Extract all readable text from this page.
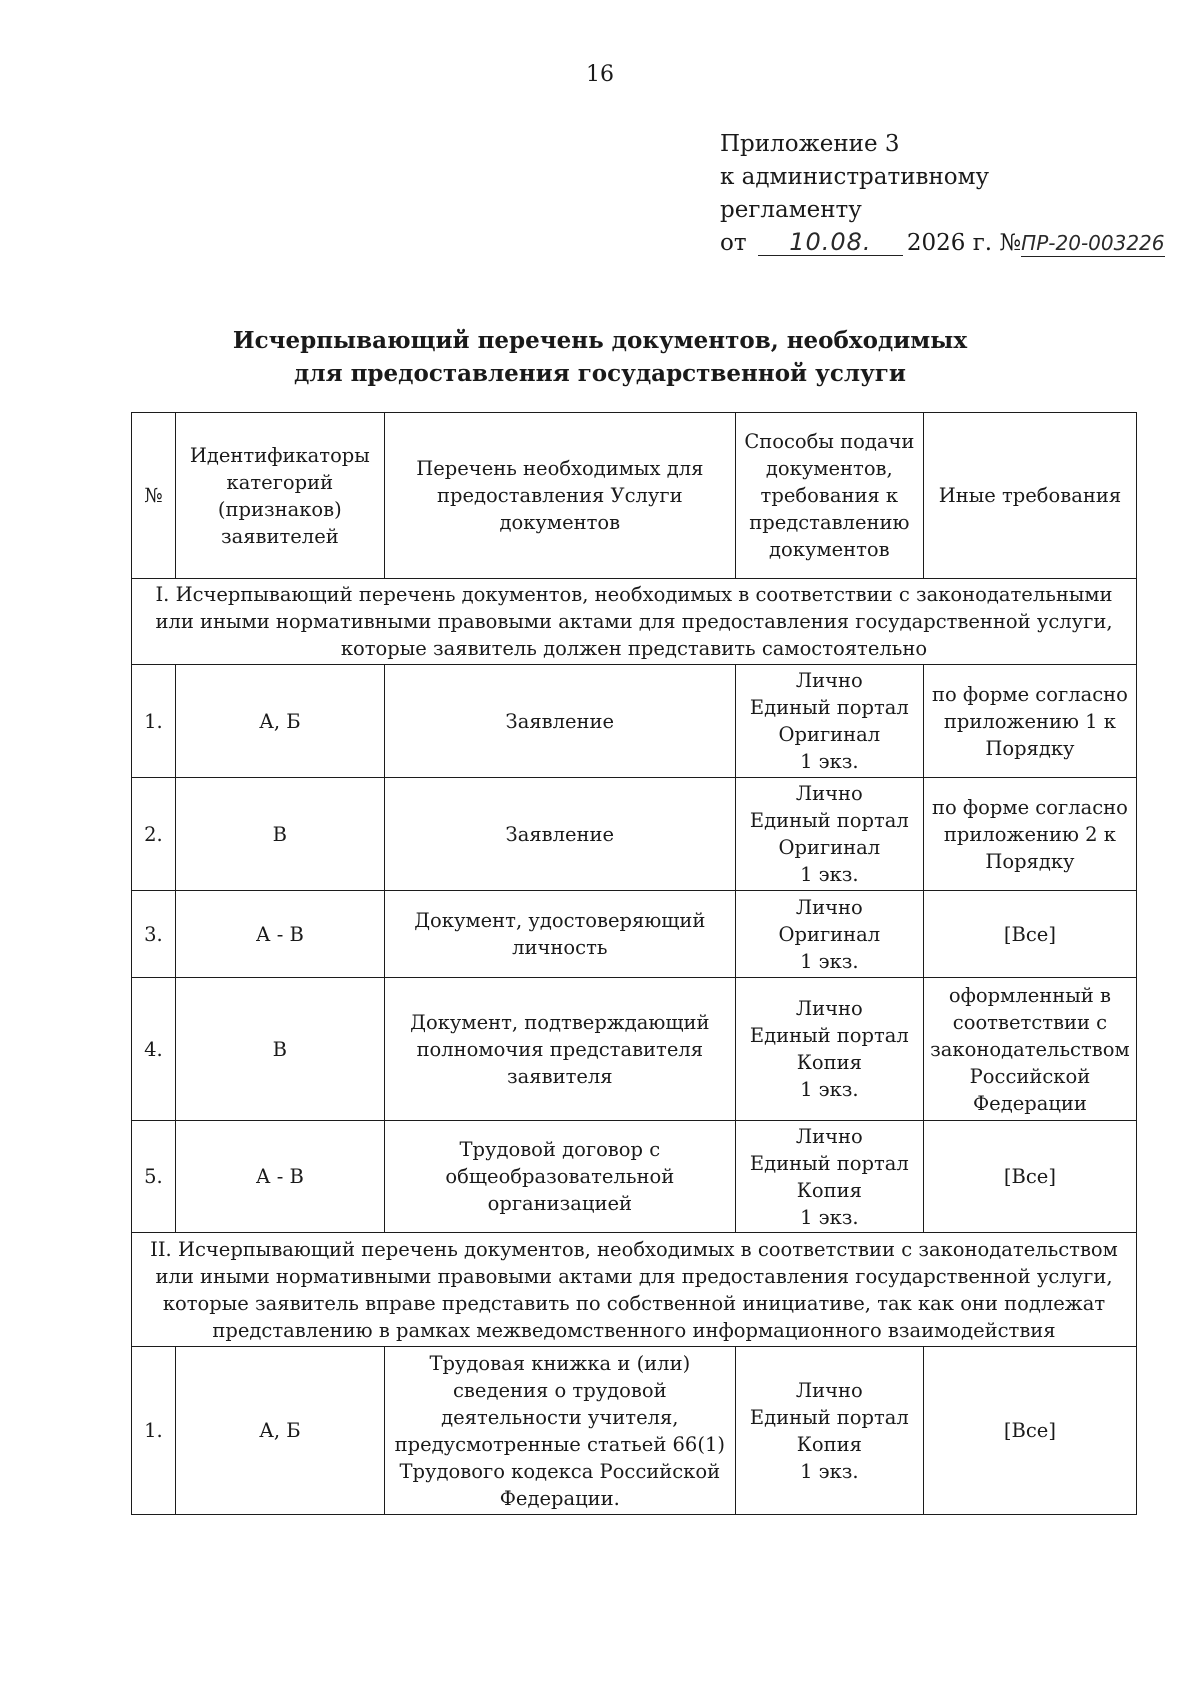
16
Приложение 3
к административному
регламенту
от 10.08. 2026 г. №ПР-20-003226
Исчерпывающий перечень документов, необходимых
для предоставления государственной услуги
№	Идентификаторы категорий (признаков) заявителей	Перечень необходимых для предоставления Услуги документов	Способы подачи документов, требования к представлению документов	Иные требования
I. Исчерпывающий перечень документов, необходимых в соответствии с законодательными или иными нормативными правовыми актами для предоставления государственной услуги, которые заявитель должен представить самостоятельно				
1.	А, Б	Заявление	Лично
Единый портал
Оригинал
1 экз.	по форме согласно приложению 1 к Порядку
2.	В	Заявление	Лично
Единый портал
Оригинал
1 экз.	по форме согласно приложению 2 к Порядку
3.	А - В	Документ, удостоверяющий личность	Лично
Оригинал
1 экз.	[Все]
4.	В	Документ, подтверждающий полномочия представителя заявителя	Лично
Единый портал
Копия
1 экз.	оформленный в соответствии с законодательством Российской Федерации
5.	А - В	Трудовой договор с общеобразовательной организацией	Лично
Единый портал
Копия
1 экз.	[Все]
II. Исчерпывающий перечень документов, необходимых в соответствии с законодательством или иными нормативными правовыми актами для предоставления государственной услуги, которые заявитель вправе представить по собственной инициативе, так как они подлежат представлению в рамках межведомственного информационного взаимодействия				
1.	А, Б	Трудовая книжка и (или) сведения о трудовой деятельности учителя, предусмотренные статьей 66(1) Трудового кодекса Российской Федерации.	Лично
Единый портал
Копия
1 экз.	[Все]
